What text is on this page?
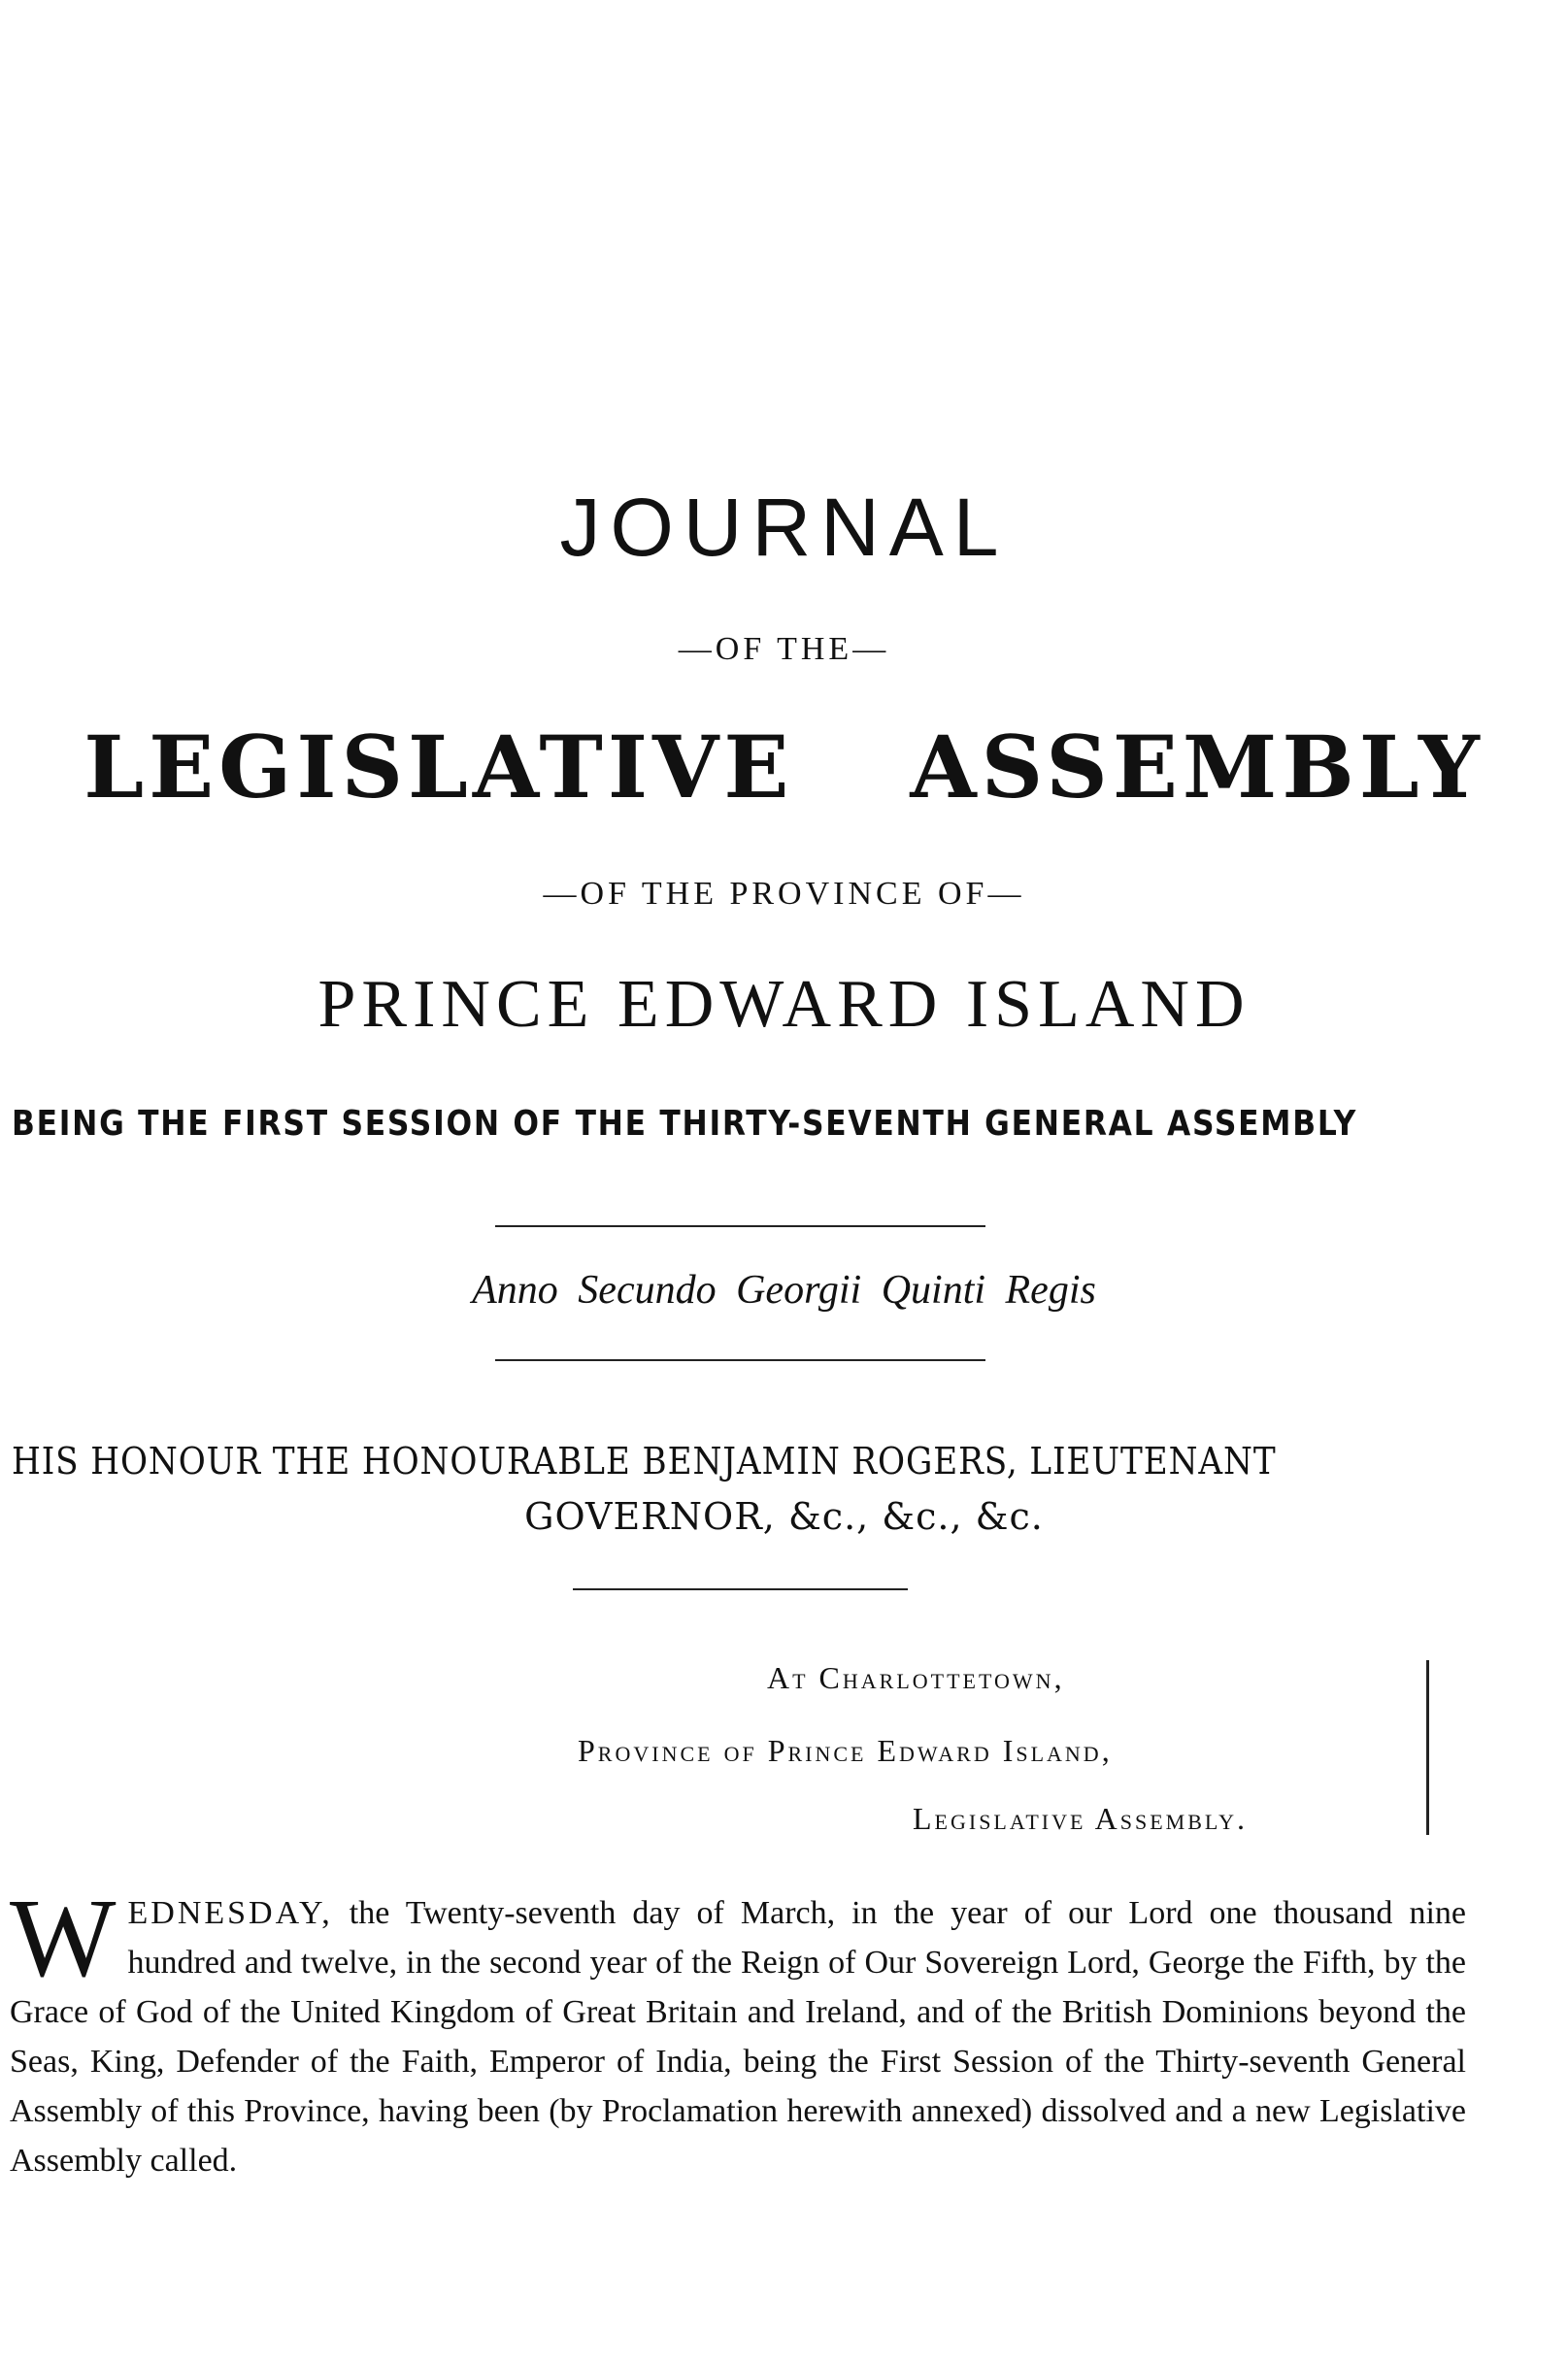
JOURNAL
—OF THE—
LEGISLATIVE ASSEMBLY
—OF THE PROVINCE OF—
PRINCE EDWARD ISLAND
BEING THE FIRST SESSION OF THE THIRTY-SEVENTH GENERAL ASSEMBLY
Anno Secundo Georgii Quinti Regis
HIS HONOUR THE HONOURABLE BENJAMIN ROGERS, LIEUTENANT
GOVERNOR, &c., &c., &c.
At Charlottetown,
Province of Prince Edward Island,
Legislative Assembly.
WEDNESDAY, the Twenty-seventh day of March, in the year of our Lord one thousand nine hundred and twelve, in the second year of the Reign of Our Sovereign Lord, George the Fifth, by the Grace of God of the United Kingdom of Great Britain and Ireland, and of the British Dominions beyond the Seas, King, Defender of the Faith, Emperor of India, being the First Session of the Thirty-seventh General Assembly of this Province, having been (by Proclamation herewith annexed) dissolved and a new Legislative Assembly called.
